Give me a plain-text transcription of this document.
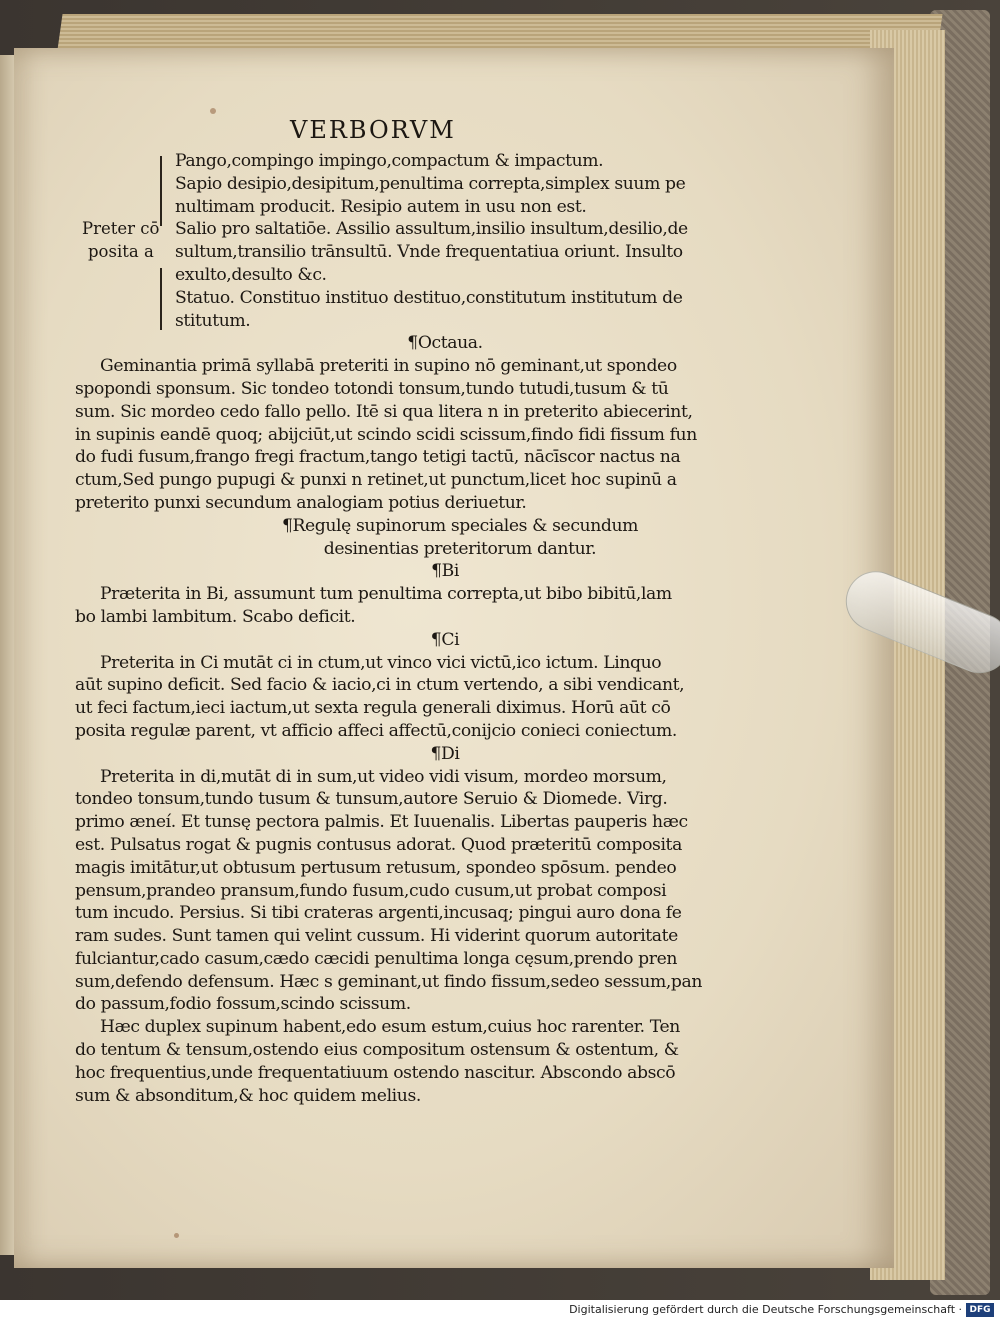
VERBORVM
Preter cō
posita a
Pango,compingo impingo,compactum & impactum.
Sapio desipio,desipitum,penultima correpta,simplex suum pe
nultimam producit. Resipio autem in usu non est.
Salio pro saltatiōe. Assilio assultum,insilio insultum,desilio,de
sultum,transilio trānsultū. Vnde frequentatiua oriunt. Insulto
exulto,desulto &c.
Statuo. Constituo instituo destituo,constitutum institutum de
stitutum.
¶Octaua.
Geminantia primā syllabā preteriti in supino nō geminant,ut spondeo
spopondi sponsum. Sic tondeo totondi tonsum,tundo tutudi,tusum & tū
sum. Sic mordeo cedo fallo pello. Itē si qua litera n in preterito abiecerint,
in supinis eandē quoq; abijciūt,ut scindo scidi scissum,findo fidi fissum fun
do fudi fusum,frango fregi fractum,tango tetigi tactū, nācīscor nactus na
ctum,Sed pungo pupugi & punxi n retinet,ut punctum,licet hoc supinū a
preterito punxi secundum analogiam potius deriuetur.
¶Regulę supinorum speciales & secundum
desinentias preteritorum dantur.
¶Bi
Præterita in Bi, assumunt tum penultima correpta,ut bibo bibitū,lam
bo lambi lambitum. Scabo deficit.
¶Ci
Preterita in Ci mutāt ci in ctum,ut vinco vici victū,ico ictum. Linquo
aūt supino deficit. Sed facio & iacio,ci in ctum vertendo, a sibi vendicant,
ut feci factum,ieci iactum,ut sexta regula generali diximus. Horū aūt cō
posita regulæ parent, vt afficio affeci affectū,conijcio conieci coniectum.
¶Di
Preterita in di,mutāt di in sum,ut video vidi visum, mordeo morsum,
tondeo tonsum,tundo tusum & tunsum,autore Seruio & Diomede. Virg.
primo æneí. Et tunsę pectora palmis. Et Iuuenalis. Libertas pauperis hæc
est. Pulsatus rogat & pugnis contusus adorat. Quod præteritū composita
magis imitātur,ut obtusum pertusum retusum, spondeo spōsum. pendeo
pensum,prandeo pransum,fundo fusum,cudo cusum,ut probat composi
tum incudo. Persius. Si tibi crateras argenti,incusaq; pingui auro dona fe
ram sudes. Sunt tamen qui velint cussum. Hi viderint quorum autoritate
fulciantur,cado casum,cædo cæcidi penultima longa cęsum,prendo pren
sum,defendo defensum. Hæc s geminant,ut findo fissum,sedeo sessum,pan
do passum,fodio fossum,scindo scissum.
Hæc duplex supinum habent,edo esum estum,cuius hoc rarenter. Ten
do tentum & tensum,ostendo eius compositum ostensum & ostentum, &
hoc frequentius,unde frequentatiuum ostendo nascitur. Abscondo abscō
sum & absonditum,& hoc quidem melius.
Digitalisierung gefördert durch die Deutsche Forschungsgemeinschaft · DFG
